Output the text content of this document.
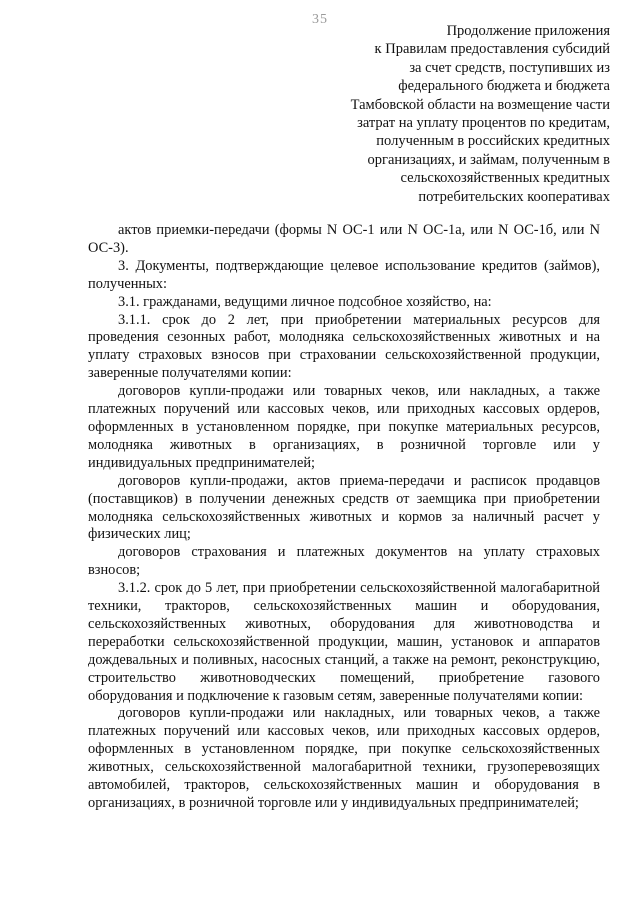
35
Продолжение приложения
к Правилам предоставления субсидий
за счет средств, поступивших из
федерального бюджета и бюджета
Тамбовской области на возмещение части
затрат на уплату процентов по кредитам,
полученным в российских кредитных
организациях, и займам, полученным в
сельскохозяйственных кредитных
потребительских кооперативах

актов приемки-передачи (формы N ОС-1 или N ОС-1а, или N ОС-1б, или N ОС-3).

3. Документы, подтверждающие целевое использование кредитов (займов), полученных:

3.1. гражданами, ведущими личное подсобное хозяйство, на:

3.1.1. срок до 2 лет, при приобретении материальных ресурсов для проведения сезонных работ, молодняка сельскохозяйственных животных и на уплату страховых взносов при страховании сельскохозяйственной продукции, заверенные получателями копии:

договоров купли-продажи или товарных чеков, или накладных, а также платежных поручений или кассовых чеков, или приходных кассовых ордеров, оформленных в установленном порядке, при покупке материальных ресурсов, молодняка животных в организациях, в розничной торговле или у индивидуальных предпринимателей;

договоров купли-продажи, актов приема-передачи и расписок продавцов (поставщиков) в получении денежных средств от заемщика при приобретении молодняка сельскохозяйственных животных и кормов за наличный расчет у физических лиц;

договоров страхования и платежных документов на уплату страховых взносов;

3.1.2. срок до 5 лет, при приобретении сельскохозяйственной малогабаритной техники, тракторов, сельскохозяйственных машин и оборудования, сельскохозяйственных животных, оборудования для животноводства и переработки сельскохозяйственной продукции, машин, установок и аппаратов дождевальных и поливных, насосных станций, а также на ремонт, реконструкцию, строительство животноводческих помещений, приобретение газового оборудования и подключение к газовым сетям, заверенные получателями копии:

договоров купли-продажи или накладных, или товарных чеков, а также платежных поручений или кассовых чеков, или приходных кассовых ордеров, оформленных в установленном порядке, при покупке сельскохозяйственных животных, сельскохозяйственной малогабаритной техники, грузоперевозящих автомобилей, тракторов, сельскохозяйственных машин и оборудования в организациях, в розничной торговле или у индивидуальных предпринимателей;
